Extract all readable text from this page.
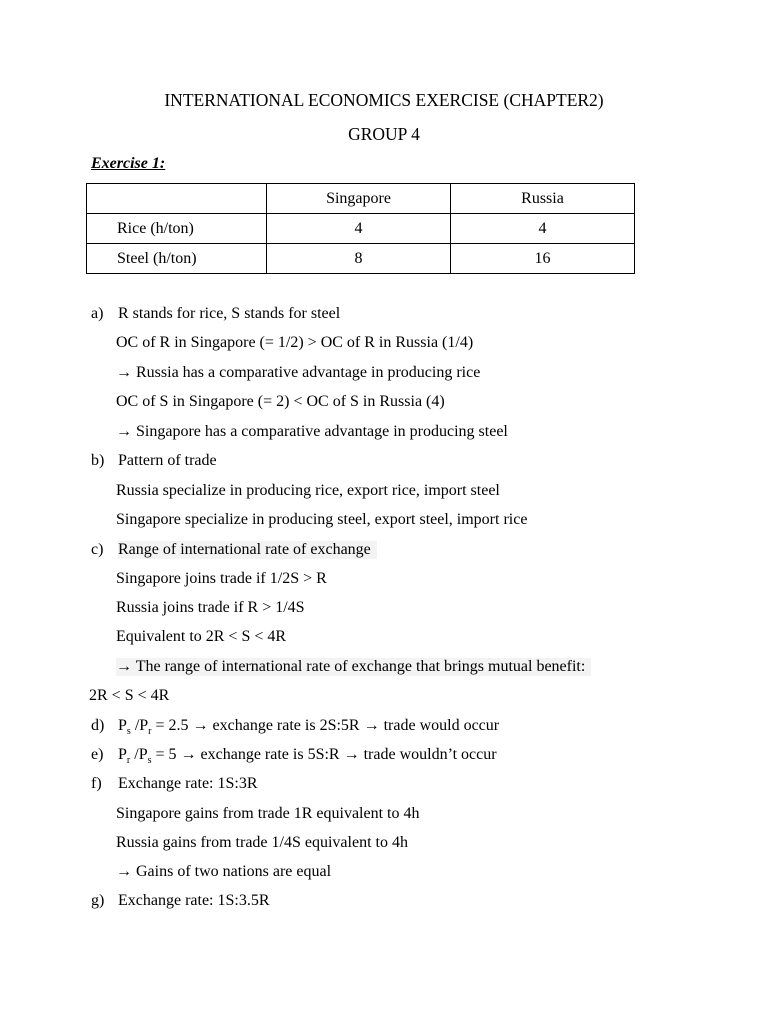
INTERNATIONAL ECONOMICS EXERCISE (CHAPTER2)
GROUP 4
Exercise 1:
	Singapore	Russia
Rice (h/ton)	4	4
Steel (h/ton)	8	16
a) R stands for rice, S stands for steel
OC of R in Singapore (= 1/2) > OC of R in Russia (1/4)
→ Russia has a comparative advantage in producing rice
OC of S in Singapore (= 2) < OC of S in Russia (4)
→ Singapore has a comparative advantage in producing steel
b) Pattern of trade
Russia specialize in producing rice, export rice, import steel
Singapore specialize in producing steel, export steel, import rice
c) Range of international rate of exchange
Singapore joins trade if 1/2S > R
Russia joins trade if R > 1/4S
Equivalent to 2R < S < 4R
→ The range of international rate of exchange that brings mutual benefit:
2R < S < 4R
d) $P_s$ $/P_r = 2.5$ → exchange rate is 2S:5R → trade would occur
e) $P_r$ $/P_s = 5$ → exchange rate is 5S:R → trade wouldn’t occur
f) Exchange rate: 1S:3R
Singapore gains from trade 1R equivalent to 4h
Russia gains from trade 1/4S equivalent to 4h
→ Gains of two nations are equal
g) Exchange rate: 1S:3.5R
